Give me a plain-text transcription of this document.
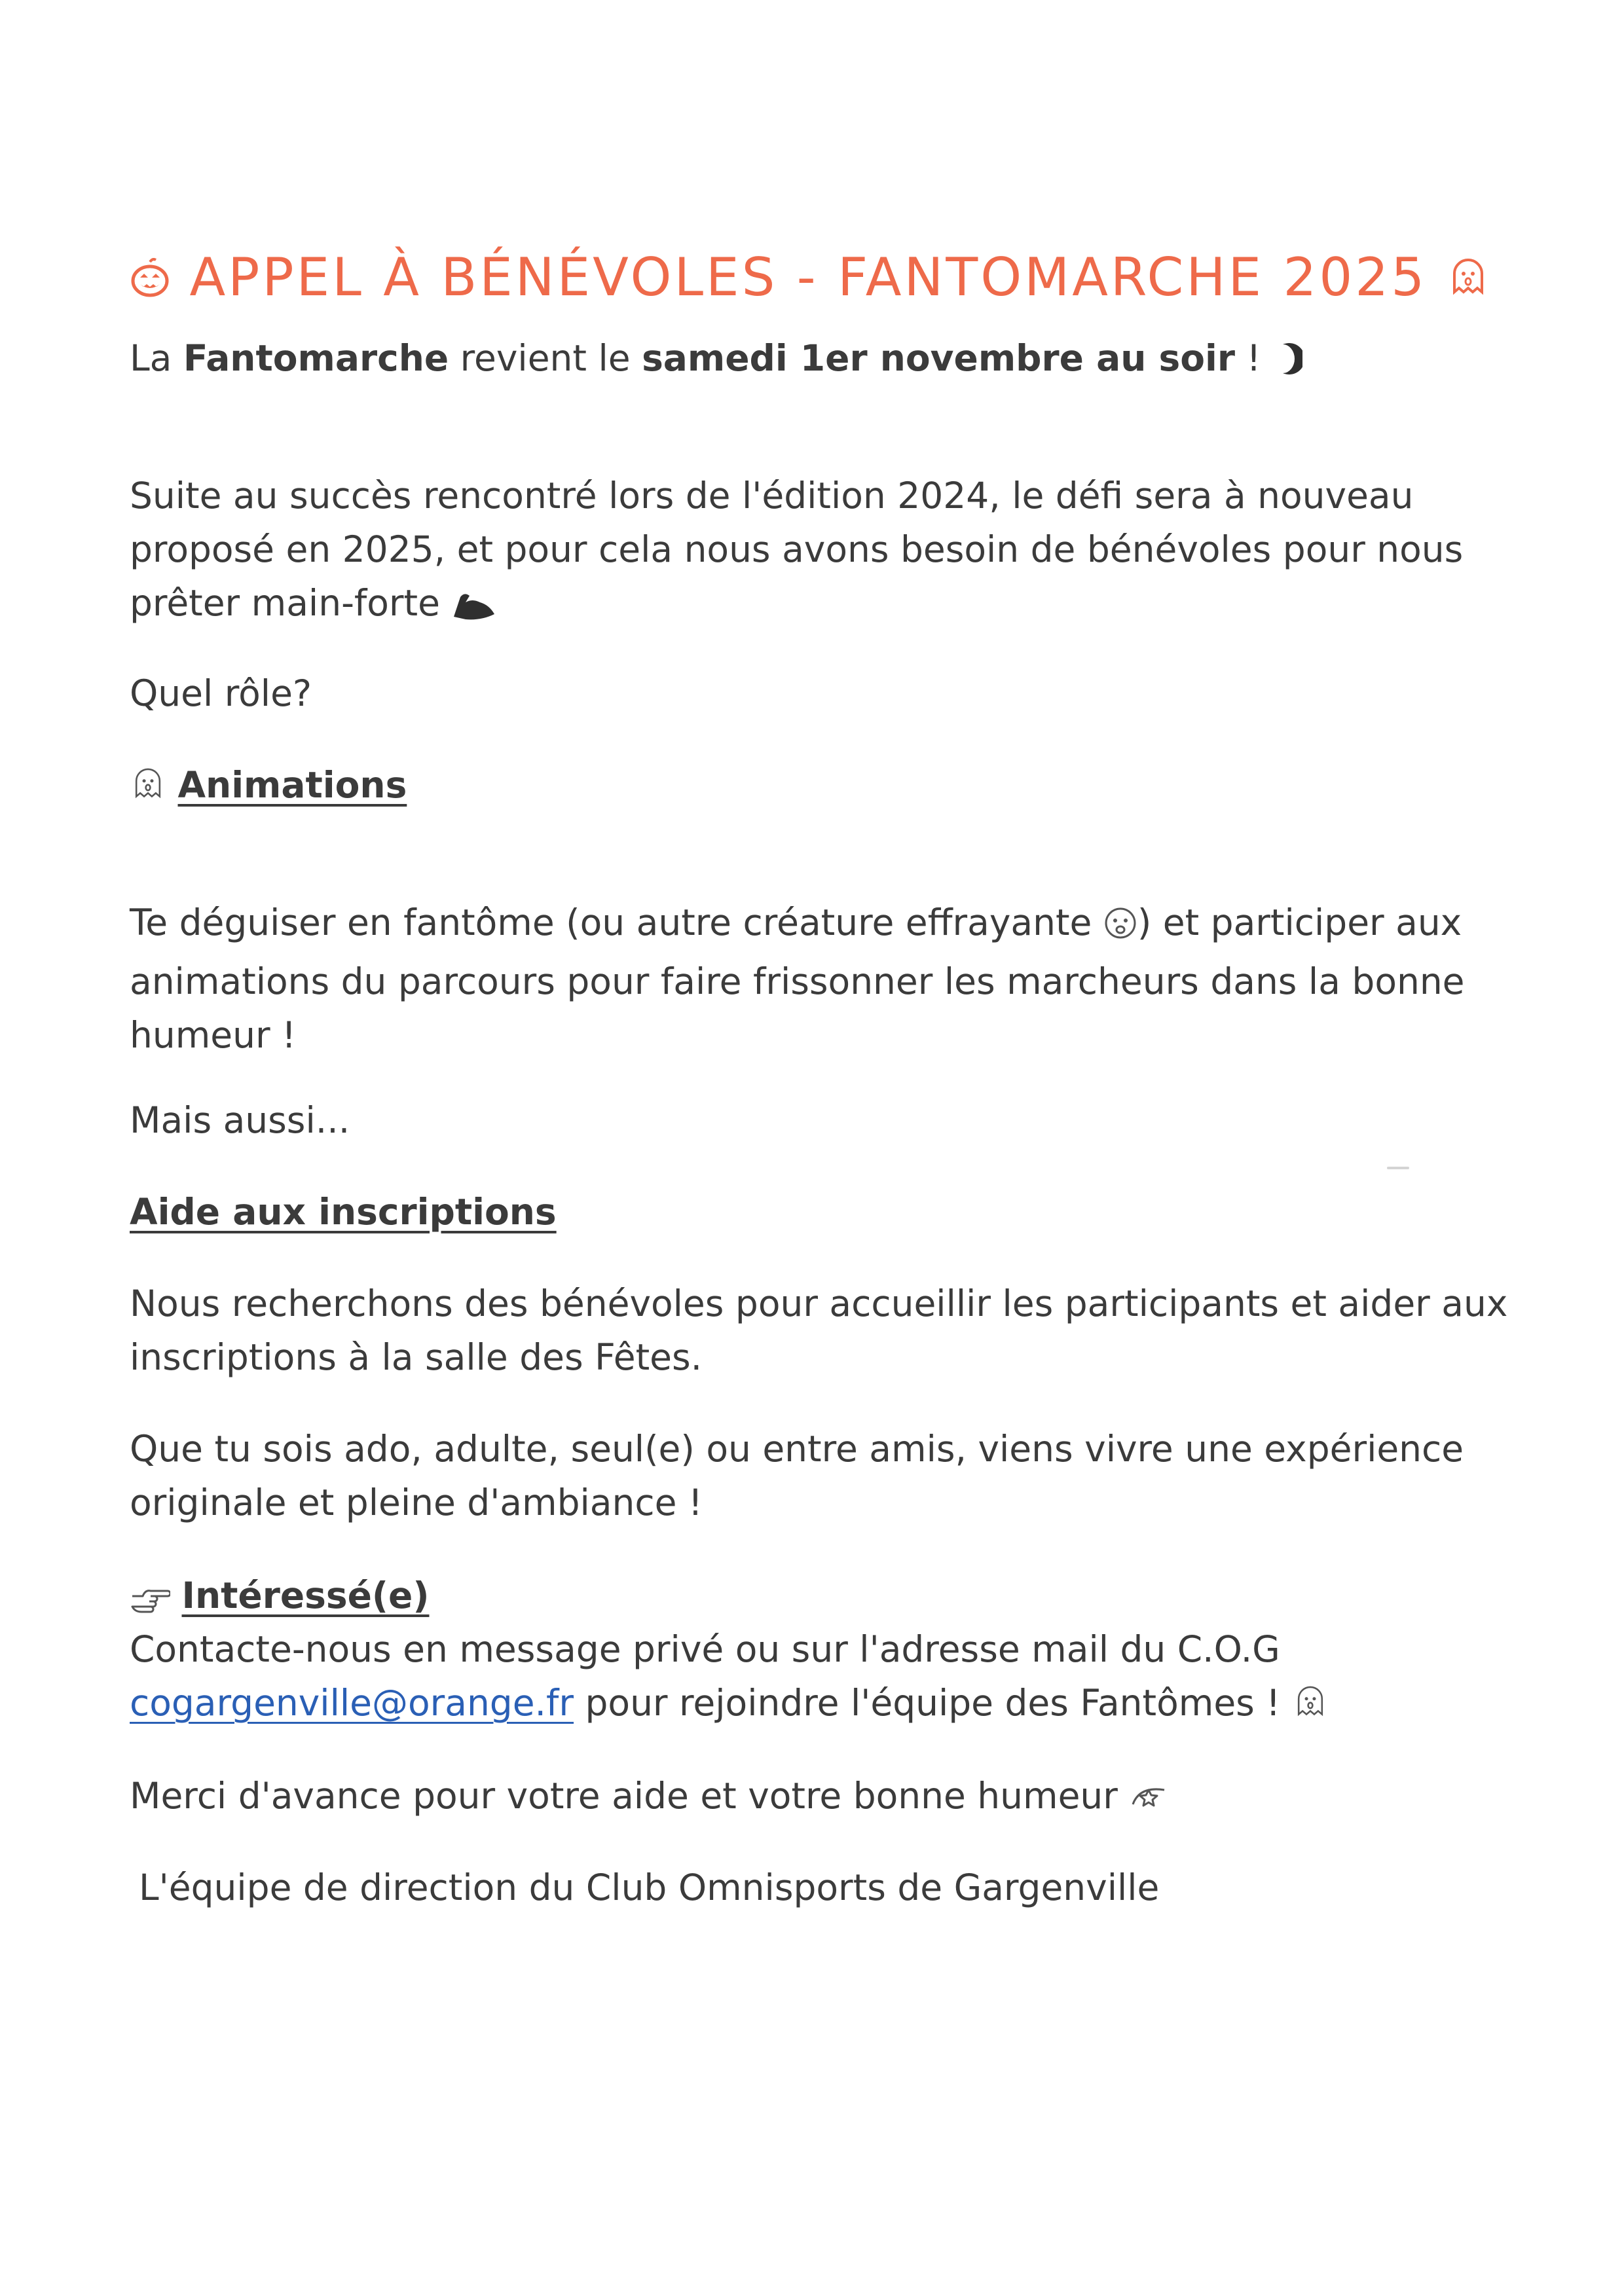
APPEL À BÉNÉVOLES - FANTOMARCHE 2025

La Fantomarche revient le samedi 1er novembre au soir !

Suite au succès rencontré lors de l'édition 2024, le défi sera à nouveau proposé en 2025, et pour cela nous avons besoin de bénévoles pour nous prêter main-forte

Quel rôle?

Animations

Te déguiser en fantôme (ou autre créature effrayante ) et participer aux animations du parcours pour faire frissonner les marcheurs dans la bonne humeur !

Mais aussi...

Aide aux inscriptions

Nous recherchons des bénévoles pour accueillir les participants et aider aux inscriptions à la salle des Fêtes.

Que tu sois ado, adulte, seul(e) ou entre amis, viens vivre une expérience originale et pleine d'ambiance !

Intéressé(e)

Contacte-nous en message privé ou sur l'adresse mail du C.O.G

cogargenville@orange.fr pour rejoindre l'équipe des Fantômes !

Merci d'avance pour votre aide et votre bonne humeur

L'équipe de direction du Club Omnisports de Gargenville
